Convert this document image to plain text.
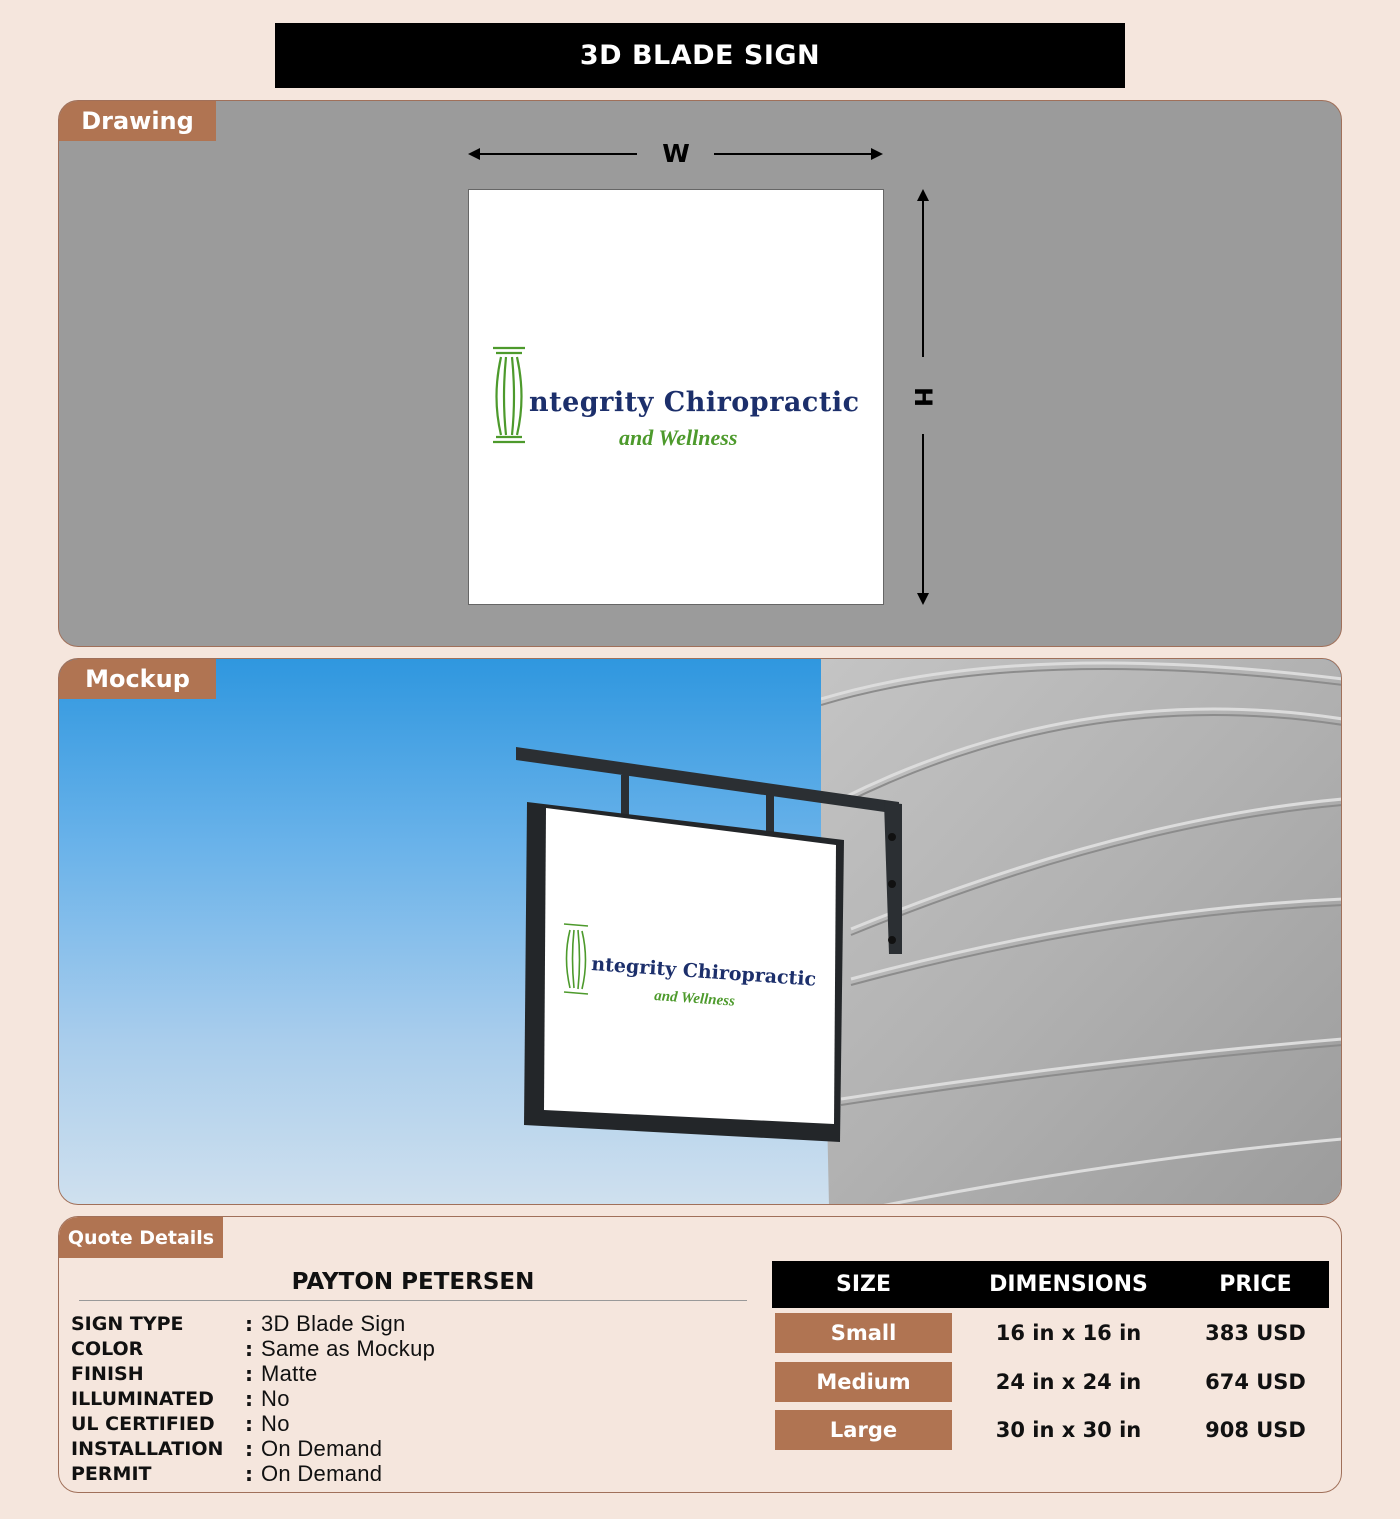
3D BLADE SIGN
Drawing
W
H
ntegrity Chiropractic
and Wellness
Mockup
ntegrity Chiropractic
and Wellness
Quote Details
PAYTON PETERSEN
SIGN TYPE	: 3D Blade Sign
COLOR	: Same as Mockup
FINISH	: Matte
ILLUMINATED	: No
UL CERTIFIED	: No
INSTALLATION	: On Demand
PERMIT	: On Demand
SIZE	DIMENSIONS	PRICE
Small	16 in x 16 in	383 USD
Medium	24 in x 24 in	674 USD
Large	30 in x 30 in	908 USD
